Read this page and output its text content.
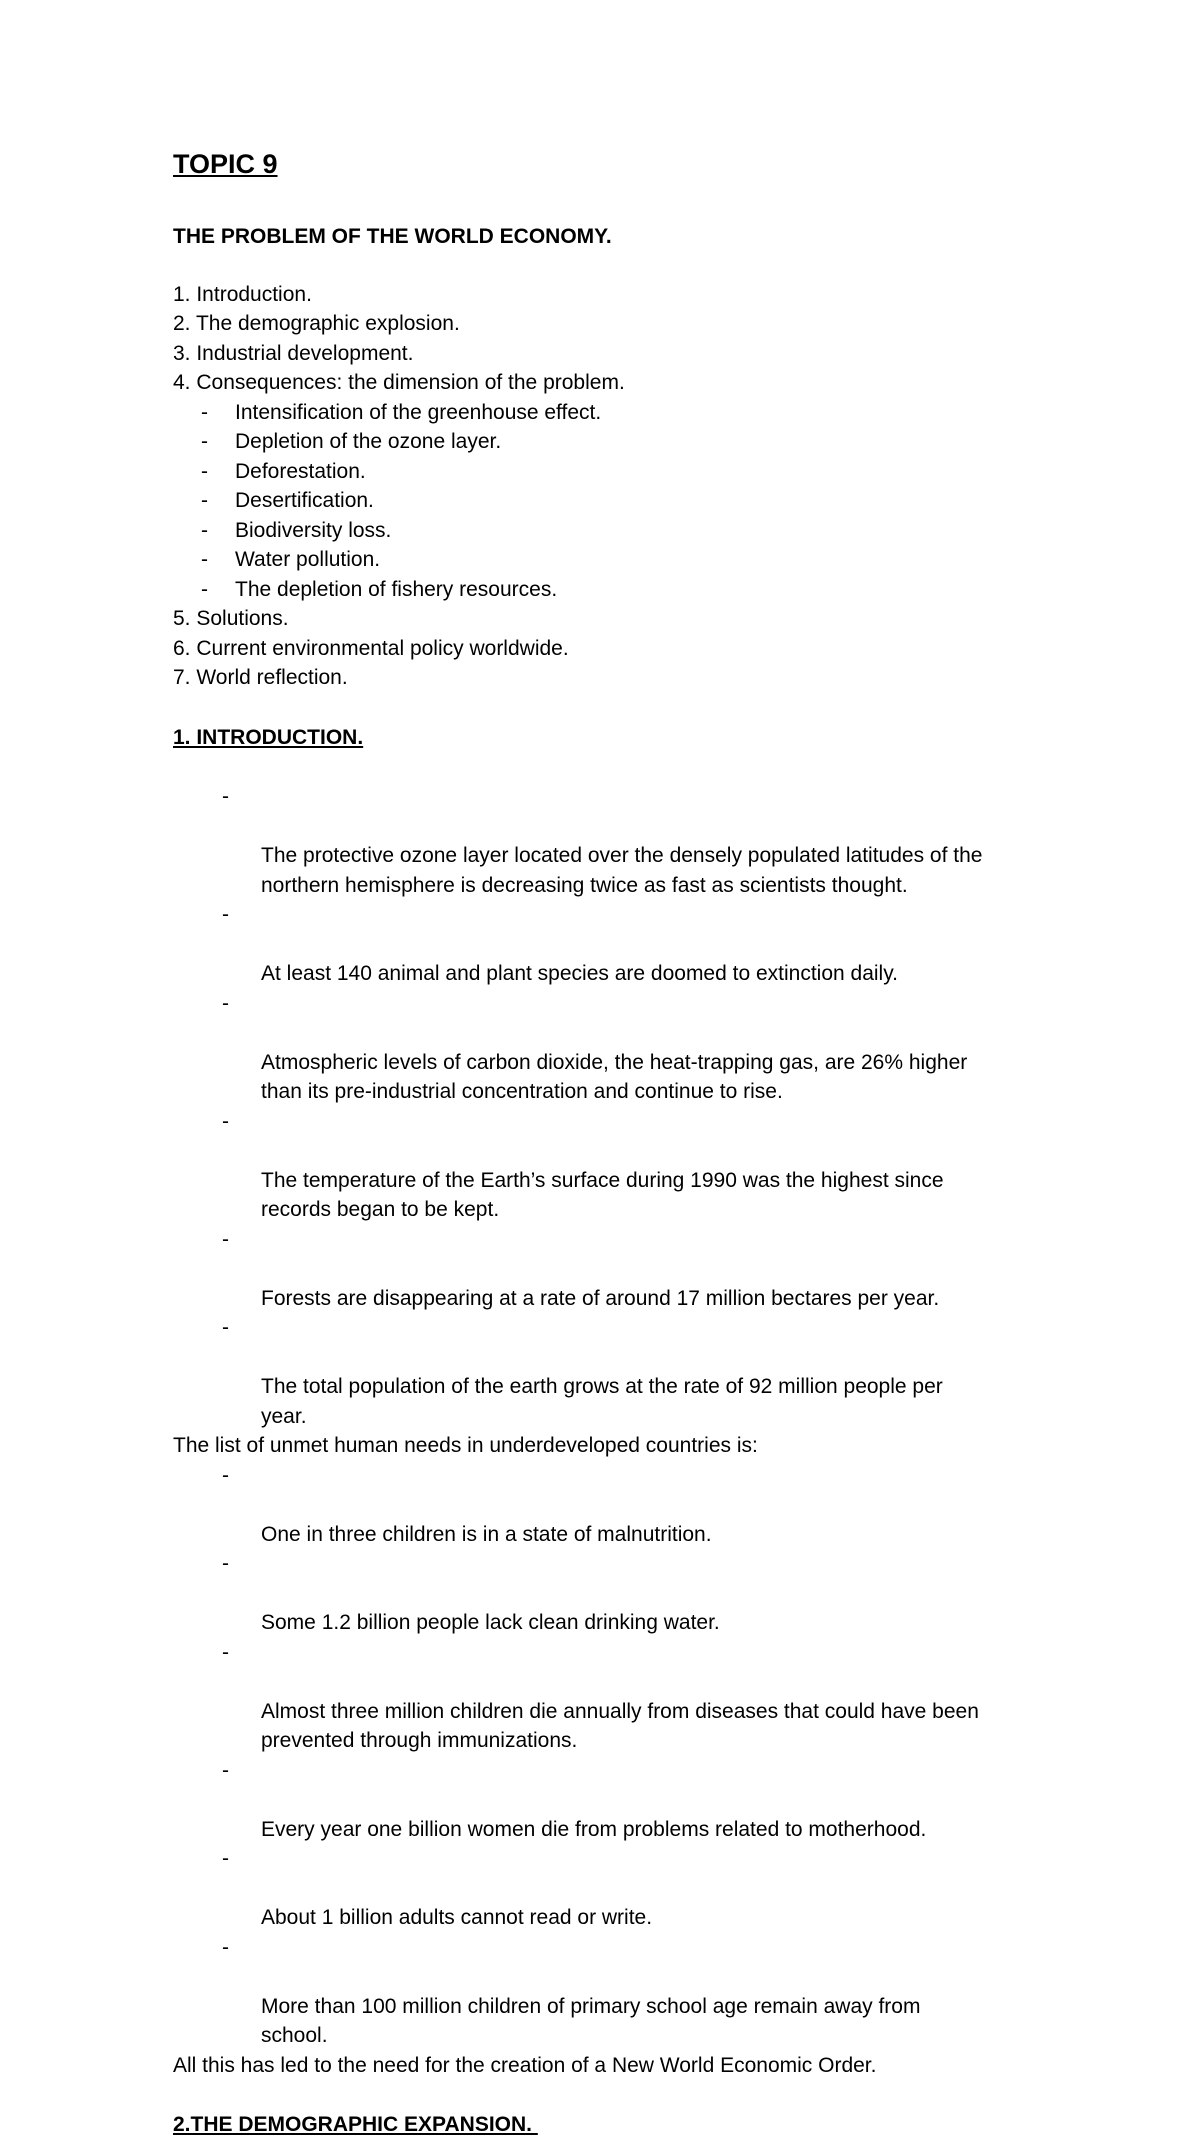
TOPIC 9
THE PROBLEM OF THE WORLD ECONOMY.
1. Introduction.
2. The demographic explosion.
3. Industrial development.
4. Consequences: the dimension of the problem.
- Intensification of the greenhouse effect.
- Depletion of the ozone layer.
- Deforestation.
- Desertification.
- Biodiversity loss.
- Water pollution.
- The depletion of fishery resources.
5. Solutions.
6. Current environmental policy worldwide.
7. World reflection.
1. INTRODUCTION.

-

The protective ozone layer located over the densely populated latitudes of the
northern hemisphere is decreasing twice as fast as scientists thought.

-

At least 140 animal and plant species are doomed to extinction daily.

-

Atmospheric levels of carbon dioxide, the heat-trapping gas, are 26% higher
than its pre-industrial concentration and continue to rise.

-

The temperature of the Earth’s surface during 1990 was the highest since
records began to be kept.

-

Forests are disappearing at a rate of around 17 million bectares per year.

-

The total population of the earth grows at the rate of 92 million people per
year.

The list of unmet human needs in underdeveloped countries is:

-

One in three children is in a state of malnutrition.

-

Some 1.2 billion people lack clean drinking water.

-

Almost three million children die annually from diseases that could have been
prevented through immunizations.

-

Every year one billion women die from problems related to motherhood.

-

About 1 billion adults cannot read or write.

-

More than 100 million children of primary school age remain away from
school.

All this has led to the need for the creation of a New World Economic Order.
2.THE DEMOGRAPHIC EXPANSION.
